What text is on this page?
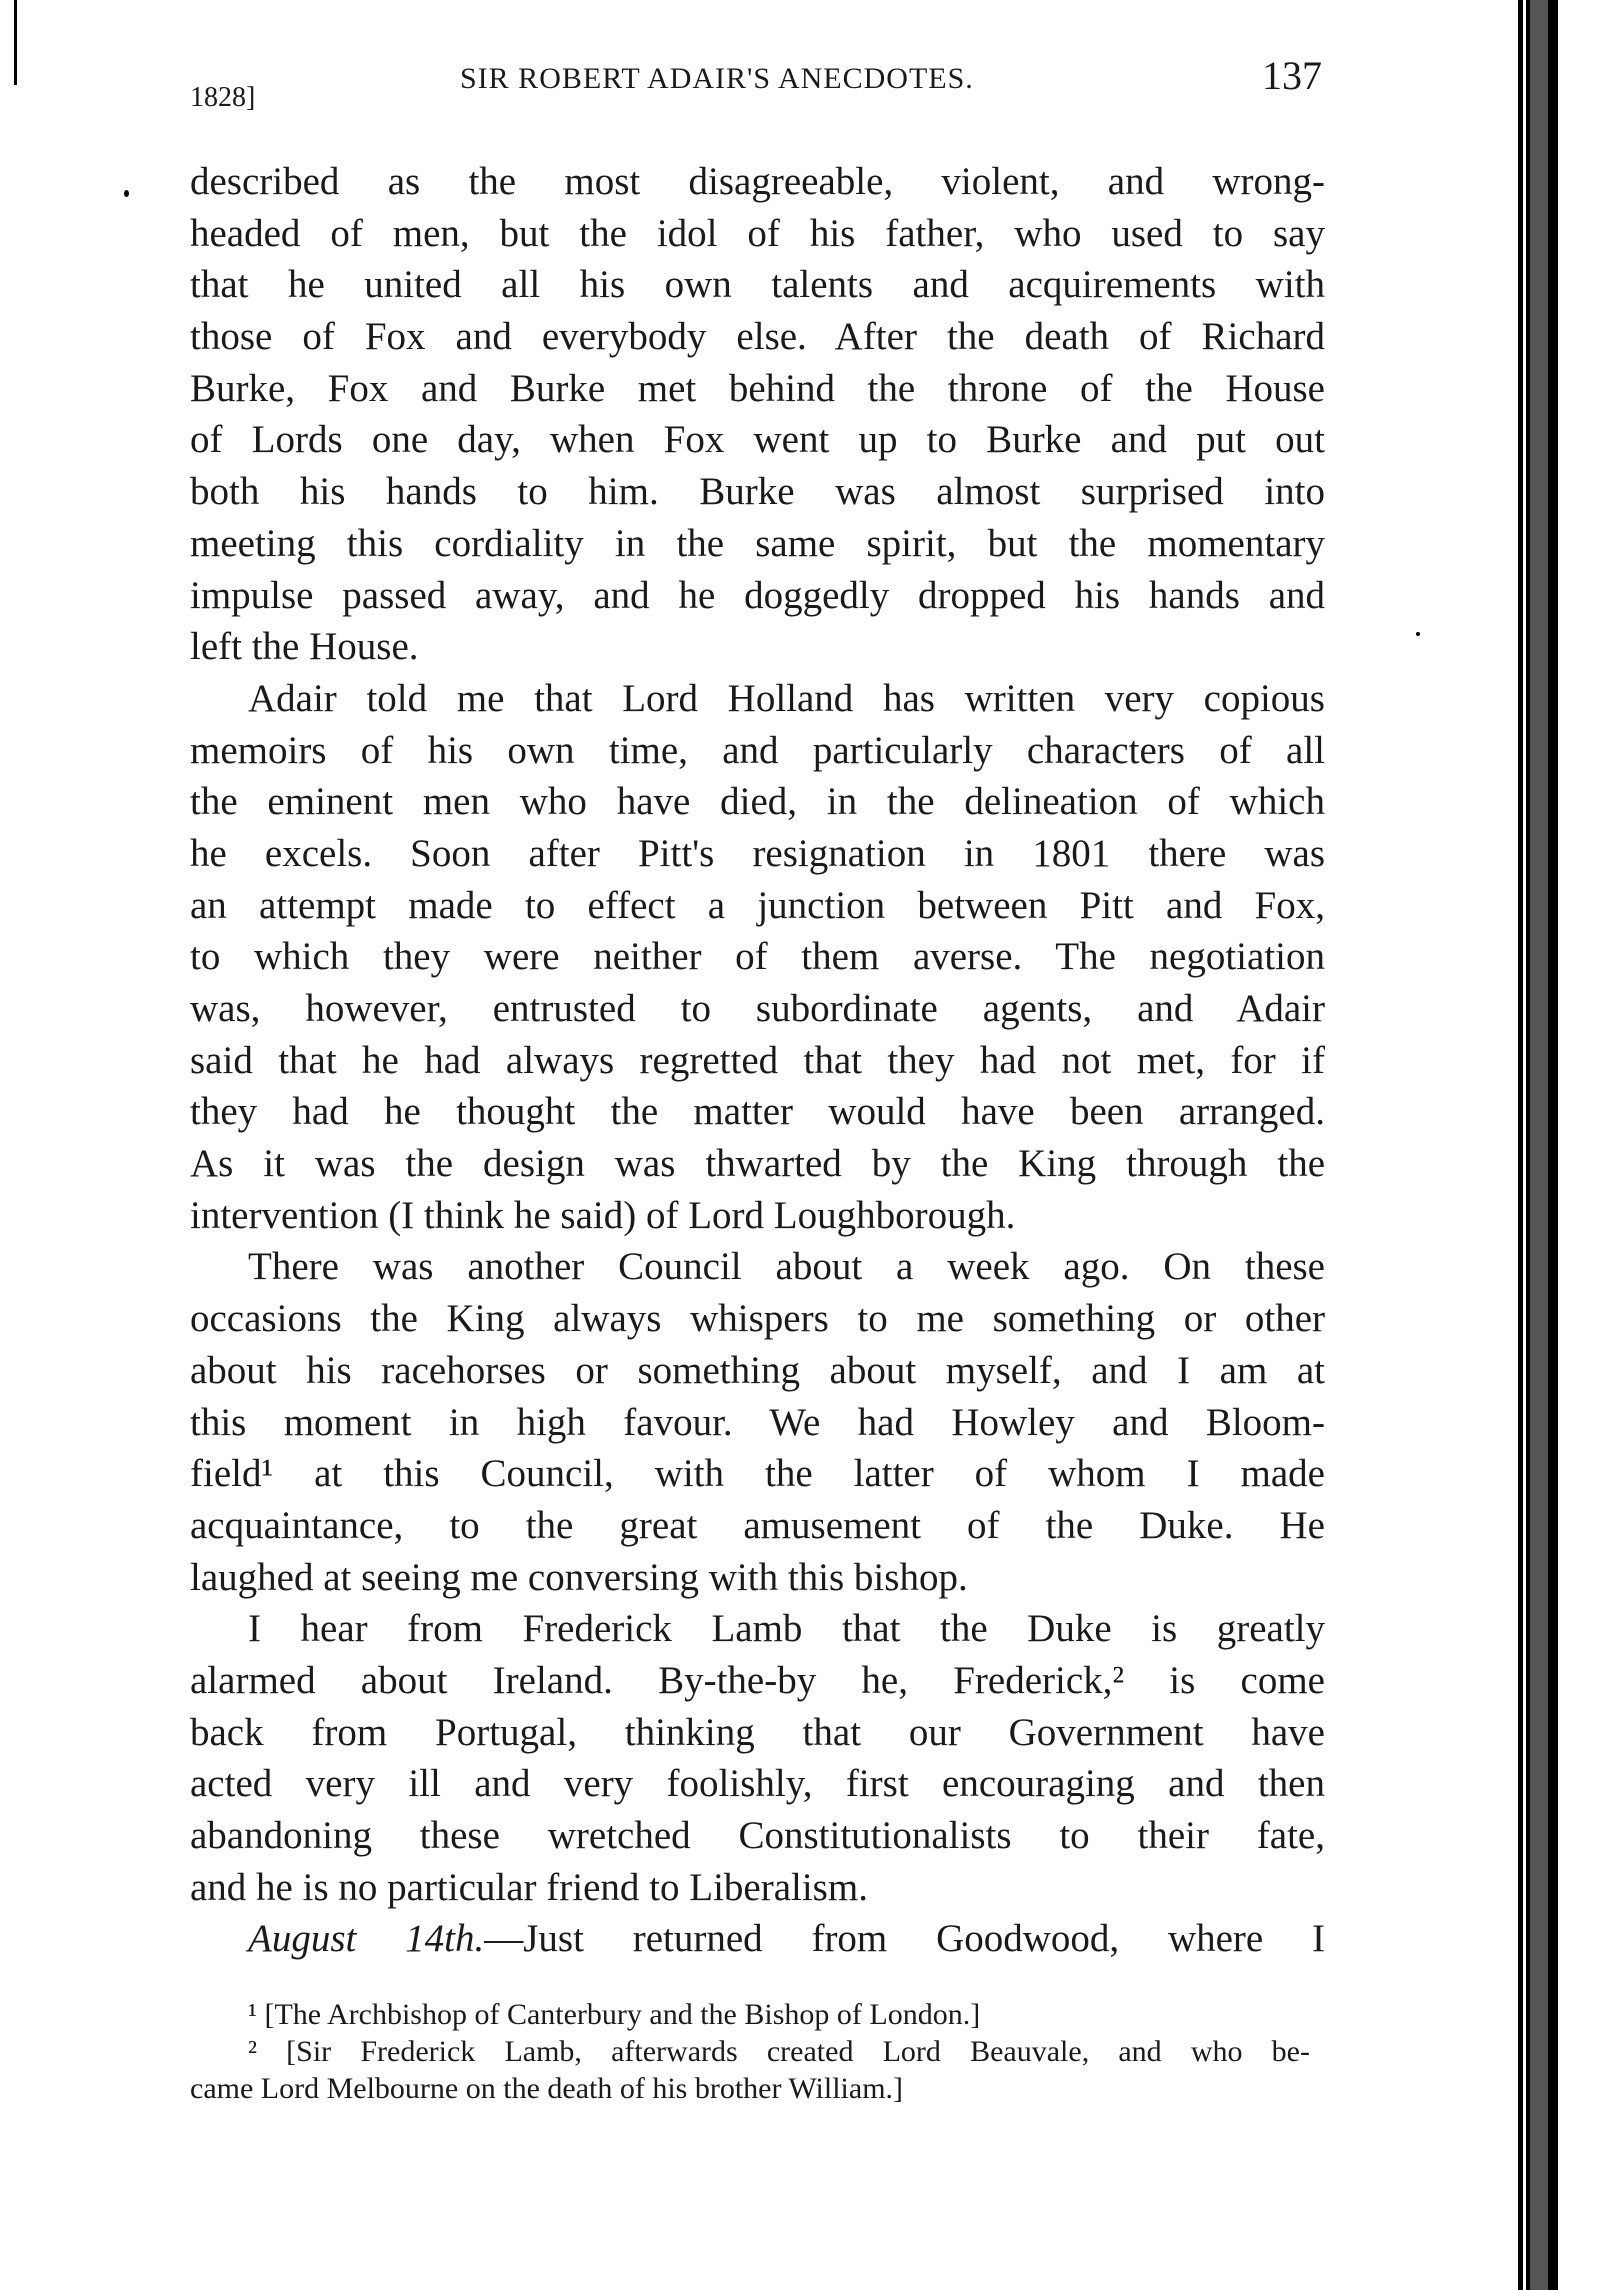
1828]
SIR ROBERT ADAIR'S ANECDOTES.	137
described as the most disagreeable, violent, and wrong-
headed of men, but the idol of his father, who used to say
that he united all his own talents and acquirements with
those of Fox and everybody else. After the death of Richard
Burke, Fox and Burke met behind the throne of the House
of Lords one day, when Fox went up to Burke and put out
both his hands to him. Burke was almost surprised into
meeting this cordiality in the same spirit, but the momentary
impulse passed away, and he doggedly dropped his hands and
left the House.
Adair told me that Lord Holland has written very copious
memoirs of his own time, and particularly characters of all
the eminent men who have died, in the delineation of which
he excels. Soon after Pitt's resignation in 1801 there was
an attempt made to effect a junction between Pitt and Fox,
to which they were neither of them averse. The negotiation
was, however, entrusted to subordinate agents, and Adair
said that he had always regretted that they had not met, for if
they had he thought the matter would have been arranged.
As it was the design was thwarted by the King through the
intervention (I think he said) of Lord Loughborough.
There was another Council about a week ago. On these
occasions the King always whispers to me something or other
about his racehorses or something about myself, and I am at
this moment in high favour. We had Howley and Bloom-
field¹ at this Council, with the latter of whom I made
acquaintance, to the great amusement of the Duke. He
laughed at seeing me conversing with this bishop.
I hear from Frederick Lamb that the Duke is greatly
alarmed about Ireland. By-the-by he, Frederick,² is come
back from Portugal, thinking that our Government have
acted very ill and very foolishly, first encouraging and then
abandoning these wretched Constitutionalists to their fate,
and he is no particular friend to Liberalism.
August 14th.—Just returned from Goodwood, where I
¹ [The Archbishop of Canterbury and the Bishop of London.]
² [Sir Frederick Lamb, afterwards created Lord Beauvale, and who be-
came Lord Melbourne on the death of his brother William.]
